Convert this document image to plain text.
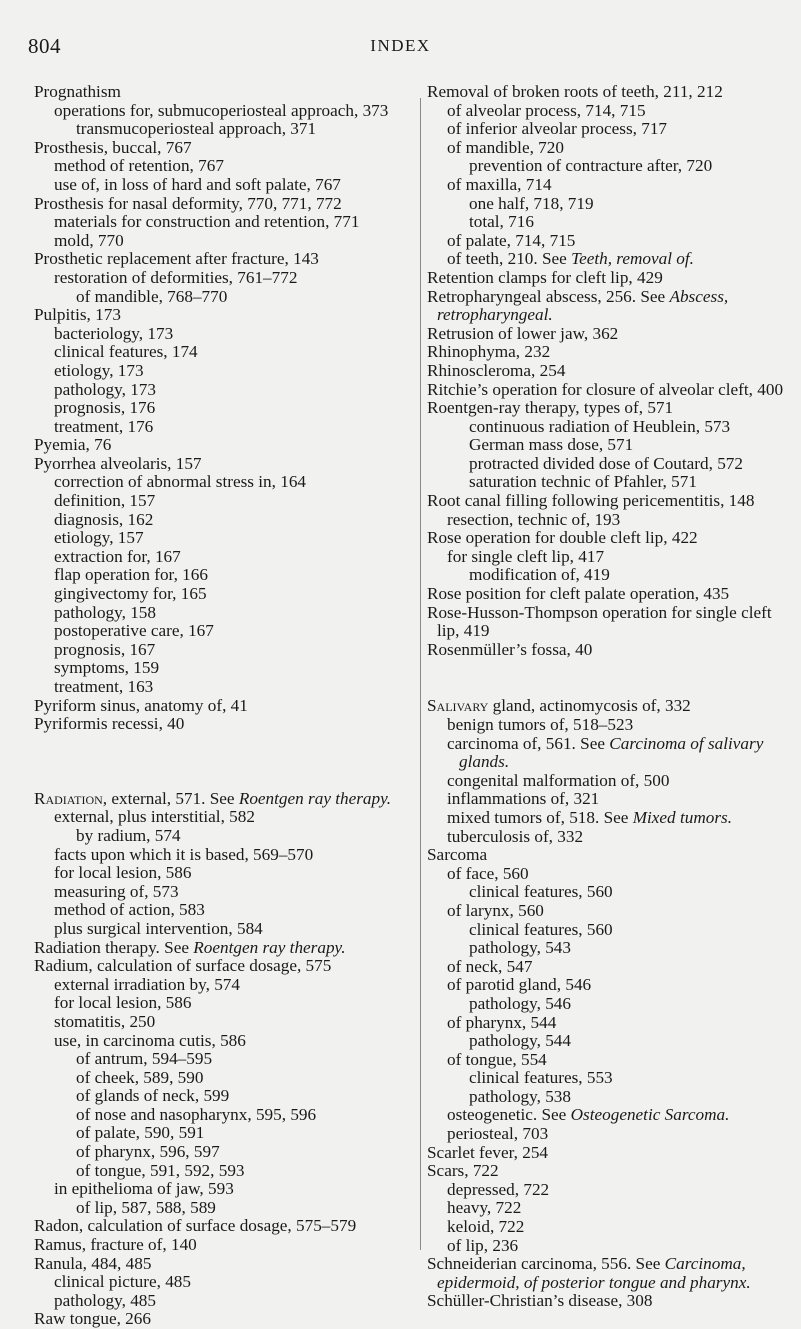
804	INDEX
Prognathism
operations for, submucoperiosteal approach, 373
transmucoperiosteal approach, 371
Prosthesis, buccal, 767
method of retention, 767
use of, in loss of hard and soft palate, 767
Prosthesis for nasal deformity, 770, 771, 772
materials for construction and retention, 771
mold, 770
Prosthetic replacement after fracture, 143
restoration of deformities, 761–772
of mandible, 768–770
Pulpitis, 173
bacteriology, 173
clinical features, 174
etiology, 173
pathology, 173
prognosis, 176
treatment, 176
Pyemia, 76
Pyorrhea alveolaris, 157
correction of abnormal stress in, 164
definition, 157
diagnosis, 162
etiology, 157
extraction for, 167
flap operation for, 166
gingivectomy for, 165
pathology, 158
postoperative care, 167
prognosis, 167
symptoms, 159
treatment, 163
Pyriform sinus, anatomy of, 41
Pyriformis recessi, 40
Radiation, external, 571. See Roentgen ray therapy.
external, plus interstitial, 582
by radium, 574
facts upon which it is based, 569–570
for local lesion, 586
measuring of, 573
method of action, 583
plus surgical intervention, 584
Radiation therapy. See Roentgen ray therapy.
Radium, calculation of surface dosage, 575
external irradiation by, 574
for local lesion, 586
stomatitis, 250
use, in carcinoma cutis, 586
of antrum, 594–595
of cheek, 589, 590
of glands of neck, 599
of nose and nasopharynx, 595, 596
of palate, 590, 591
of pharynx, 596, 597
of tongue, 591, 592, 593
in epithelioma of jaw, 593
of lip, 587, 588, 589
Radon, calculation of surface dosage, 575–579
Ramus, fracture of, 140
Ranula, 484, 485
clinical picture, 485
pathology, 485
Raw tongue, 266
Removal of broken roots of teeth, 211, 212
of alveolar process, 714, 715
of inferior alveolar process, 717
of mandible, 720
prevention of contracture after, 720
of maxilla, 714
one half, 718, 719
total, 716
of palate, 714, 715
of teeth, 210. See Teeth, removal of.
Retention clamps for cleft lip, 429
Retropharyngeal abscess, 256. See Abscess, retropharyngeal.
Retrusion of lower jaw, 362
Rhinophyma, 232
Rhinoscleroma, 254
Ritchie’s operation for closure of alveolar cleft, 400
Roentgen-ray therapy, types of, 571
continuous radiation of Heublein, 573
German mass dose, 571
protracted divided dose of Coutard, 572
saturation technic of Pfahler, 571
Root canal filling following pericementitis, 148
resection, technic of, 193
Rose operation for double cleft lip, 422
for single cleft lip, 417
modification of, 419
Rose position for cleft palate operation, 435
Rose-Husson-Thompson operation for single cleft lip, 419
Rosenmüller’s fossa, 40
Salivary gland, actinomycosis of, 332
benign tumors of, 518–523
carcinoma of, 561. See Carcinoma of salivary glands.
congenital malformation of, 500
inflammations of, 321
mixed tumors of, 518. See Mixed tumors.
tuberculosis of, 332
Sarcoma
of face, 560
clinical features, 560
of larynx, 560
clinical features, 560
pathology, 543
of neck, 547
of parotid gland, 546
pathology, 546
of pharynx, 544
pathology, 544
of tongue, 554
clinical features, 553
pathology, 538
osteogenetic. See Osteogenetic Sarcoma.
periosteal, 703
Scarlet fever, 254
Scars, 722
depressed, 722
heavy, 722
keloid, 722
of lip, 236
Schneiderian carcinoma, 556. See Carcinoma, epidermoid, of posterior tongue and pharynx.
Schüller-Christian’s disease, 308
